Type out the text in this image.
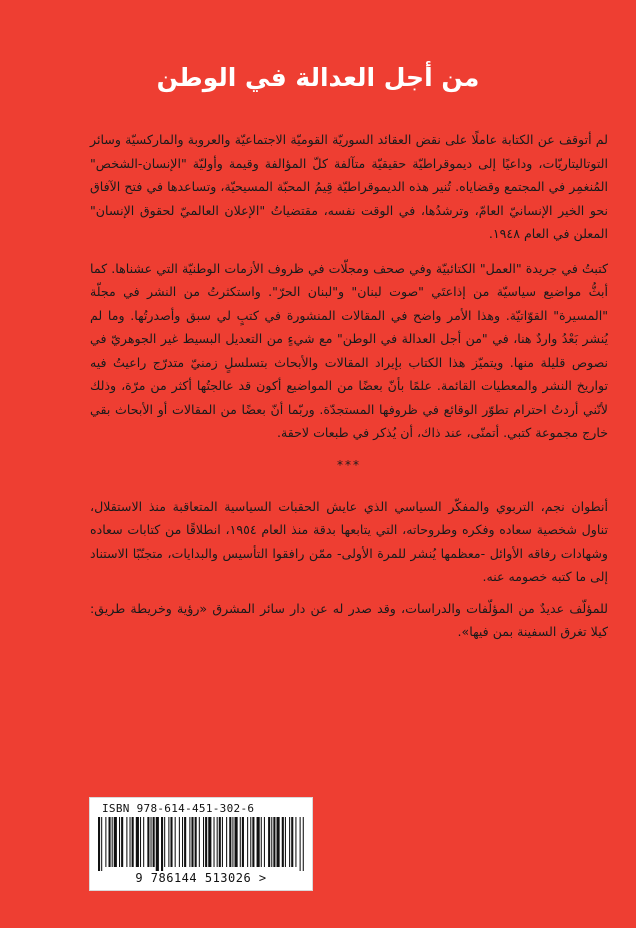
من أجل العدالة في الوطن

لم أتوقف عن الكتابة عاملًا على نقض العقائد السوريّة القوميّة الاجتماعيّة والعروبة والماركسيّة وسائر التوتاليتاريّات، وداعيًا إلى ديموقراطيّة حقيقيّة متآلفة كلّ المؤالفة وقيمة وأوليّة "الإنسان-الشخص" المُنغمِر في المجتمع وقضاياه. تُنير هذه الديموقراطيّة قِيمُ المحبّة المسيحيّة، وتساعدها في فتح الآفاق نحو الخير الإنسانيّ العامّ، وترشدُها، في الوقت نفسه، مقتضياتُ "الإعلان العالميّ لحقوق الإنسان" المعلن في العام ١٩٤٨.

كتبتُ في جريدة "العمل" الكتائبيّة وفي صحف ومجلّات في ظروف الأزمات الوطنيّة التي عشناها. كما أبثُّ مواضيع سياسيّة من إذاعتَي "صوت لبنان" و"لبنان الحرّ". واستكثرتُ من النشر في مجلّة "المسيرة" القوّاتيّة. وهذا الأمر واضح في المقالات المنشورة في كتبٍ لي سبق وأصدرتُها. وما لم يُنشر بَعْدُ واردٌ هنا، في "من أجل العدالة في الوطن" مع شيءٍ من التعديل البسيط غير الجوهريّ في نصوص قليلة منها. ويتميّز هذا الكتاب بإيراد المقالات والأبحاث بتسلسلٍ زمنيّ متدرّج راعيتُ فيه تواريخ النشر والمعطيات القائمة. علمًا بأنّ بعضًا من المواضيع أكون قد عالجتُها أكثر من مرّة، وذلك لأنّني أردتُ احترام تطوّر الوقائع في ظروفها المستجدّة. وربّما أنّ بعضًا من المقالات أو الأبحاث بقي خارج مجموعة كتبي. أتمنّى، عند ذاك، أن يُذكر في طبعات لاحقة.

***

أنطوان نجم، التربوي والمفكّر السياسي الذي عايش الحقبات السياسية المتعاقبة منذ الاستقلال، تناول شخصية سعاده وفكره وطروحاته، التي يتابعها بدقة منذ العام ١٩٥٤، انطلاقًا من كتابات سعاده وشهادات رفاقه الأوائل -معظمها يُنشر للمرة الأولى- ممّن رافقوا التأسيس والبدايات، متجنّبًا الاستناد إلى ما كتبه خصومه عنه.

للمؤلّف عديدٌ من المؤلّفات والدراسات، وقد صدر له عن دار سائر المشرق «رؤية وخريطة طريق: كيلا تغرق السفينة بمن فيها».

ISBN 978-614-451-302-6
9 786144 513026 >
